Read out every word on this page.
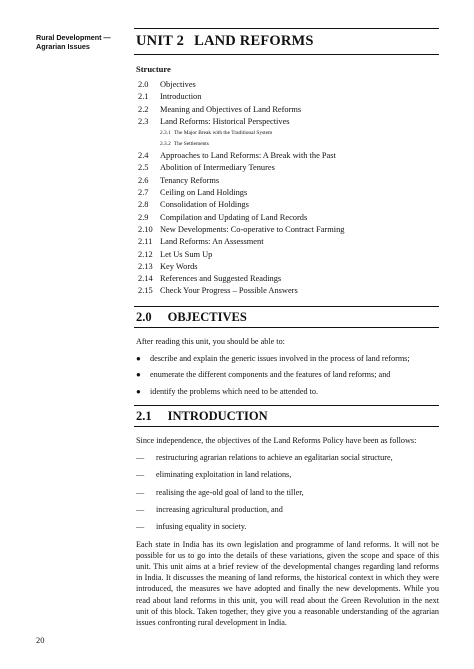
Rural Development —
Agrarian Issues	UNIT 2 LAND REFORMS
Structure
2.0	Objectives
2.1	Introduction
2.2	Meaning and Objectives of Land Reforms
2.3	Land Reforms: Historical Perspectives
2.3.1 The Major Break with the Traditional System
2.3.2 The Settlements
2.4	Approaches to Land Reforms: A Break with the Past
2.5	Abolition of Intermediary Tenures
2.6	Tenancy Reforms
2.7	Ceiling on Land Holdings
2.8	Consolidation of Holdings
2.9	Compilation and Updating of Land Records
2.10 New Developments: Co-operative to Contract Farming
2.11 Land Reforms: An Assessment
2.12 Let Us Sum Up
2.13 Key Words
2.14 References and Suggested Readings
2.15 Check Your Progress – Possible Answers
2.0 OBJECTIVES

After reading this unit, you should be able to:

●	describe and explain the generic issues involved in the process of land reforms;
●	enumerate the different components and the features of land reforms; and
●	identify the problems which need to be attended to.
2.1 INTRODUCTION

Since independence, the objectives of the Land Reforms Policy have been as follows:

—	restructuring agrarian relations to achieve an egalitarian social structure,
—	eliminating exploitation in land relations,
—	realising the age-old goal of land to the tiller,
—	increasing agricultural production, and
—	infusing equality in society.

Each state in India has its own legislation and programme of land reforms. It will not be possible for us to go into the details of these variations, given the scope and space of this unit. This unit aims at a brief review of the developmental changes regarding land reforms in India. It discusses the meaning of land reforms, the historical context in which they were introduced, the measures we have adopted and finally the new developments. While you read about land reforms in this unit, you will read about the Green Revolution in the next unit of this block. Taken together, they give you a reasonable understanding of the agrarian issues confronting rural development in India.

20
